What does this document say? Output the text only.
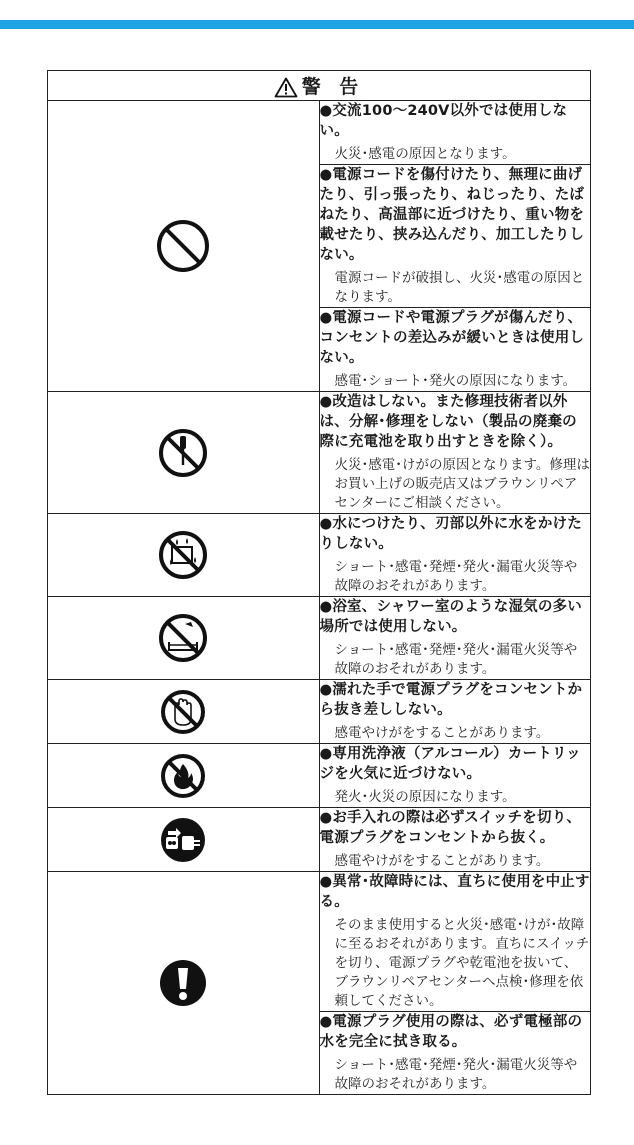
警 告	

●交流100〜240V以外では使用しない。
火災･感電の原因となります。

	●電源コードを傷付けたり、無理に曲げたり、引っ張ったり、ねじったり、たばねたり、高温部に近づけたり、重い物を載せたり、挟み込んだり、加工したりしない。
電源コードが破損し、火災･感電の原因となります。

	●電源コードや電源プラグが傷んだり、コンセントの差込みが緩いときは使用しない。
感電･ショート･発火の原因になります。

●改造はしない。また修理技術者以外は、分解･修理をしない（製品の廃棄の際に充電池を取り出すときを除く）。
火災･感電･けがの原因となります。修理はお買い上げの販売店又はブラウンリペアセンターにご相談ください。

●水につけたり、刃部以外に水をかけたりしない。
ショート･感電･発煙･発火･漏電火災等や故障のおそれがあります。

●浴室、シャワー室のような湿気の多い場所では使用しない。
ショート･感電･発煙･発火･漏電火災等や故障のおそれがあります。

●濡れた手で電源プラグをコンセントから抜き差ししない。
感電やけがをすることがあります。

●専用洗浄液（アルコール）カートリッジを火気に近づけない。
発火･火災の原因になります。

●お手入れの際は必ずスイッチを切り、電源プラグをコンセントから抜く。
感電やけがをすることがあります。

●異常･故障時には、直ちに使用を中止する。
そのまま使用すると火災･感電･けが･故障に至るおそれがあります。直ちにスイッチを切り、電源プラグや乾電池を抜いて、ブラウンリペアセンターへ点検･修理を依頼してください。

	●電源プラグ使用の際は、必ず電極部の水を完全に拭き取る。
ショート･感電･発煙･発火･漏電火災等や故障のおそれがあります。
